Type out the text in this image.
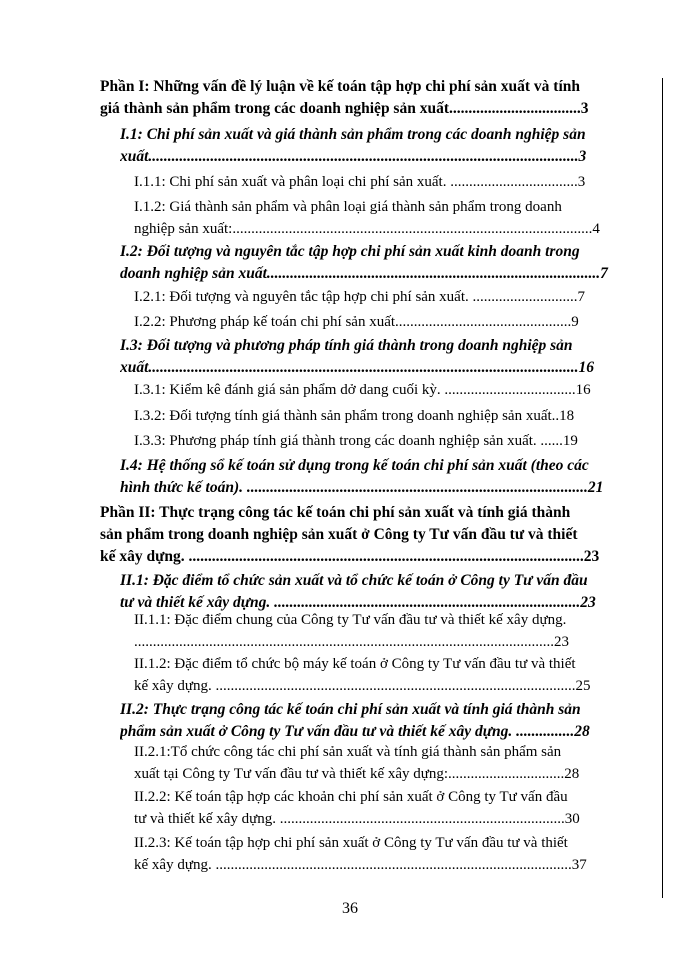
Phần I: Những vấn đề lý luận về kế toán tập hợp chi phí sản xuất và tính
giá thành sản phẩm trong các doanh nghiệp sản xuất..................................3
I.1: Chi phí sản xuất và giá thành sản phẩm trong các doanh nghiệp sản
xuất...............................................................................................................3
I.1.1: Chi phí sản xuất và phân loại chi phí sản xuất. ..................................3
I.1.2: Giá thành sản phẩm và phân loại giá thành sản phẩm trong doanh
nghiệp sản xuất:................................................................................................4
I.2: Đối tượng và nguyên tắc tập hợp chi phí sản xuất kinh doanh trong
doanh nghiệp sản xuất......................................................................................7
I.2.1: Đối tượng và nguyên tắc tập hợp chi phí sản xuất. ............................7
I.2.2: Phương pháp kế toán chi phí sản xuất...............................................9
I.3: Đối tượng và phương pháp tính giá thành trong doanh nghiệp sản
xuất...............................................................................................................16
I.3.1: Kiểm kê đánh giá sản phẩm dở dang cuối kỳ. ...................................16
I.3.2: Đối tượng tính giá thành sản phẩm trong doanh nghiệp sản xuất..18
I.3.3: Phương pháp tính giá thành trong các doanh nghiệp sản xuất. ......19
I.4: Hệ thống sổ kế toán sử dụng trong kế toán chi phí sản xuất (theo các
hình thức kế toán). ........................................................................................21
Phần II: Thực trạng công tác kế toán chi phí sản xuất và tính giá thành
sản phẩm trong doanh nghiệp sản xuất ở Công ty Tư vấn đầu tư và thiết
kế xây dựng. ......................................................................................................23
II.1: Đặc điểm tổ chức sản xuất và tổ chức kế toán ở Công ty Tư vấn đầu
tư và thiết kế xây dựng. ...............................................................................23
II.1.1: Đặc điểm chung của Công ty Tư vấn đầu tư và thiết kế xây dựng.
................................................................................................................23
II.1.2: Đặc điểm tổ chức bộ máy kế toán ở Công ty Tư vấn đầu tư và thiết
kế xây dựng. ................................................................................................25
II.2: Thực trạng công tác kế toán chi phí sản xuất và tính giá thành sản
phẩm sản xuất ở Công ty Tư vấn đầu tư và thiết kế xây dựng. ...............28
II.2.1:Tổ chức công tác chi phí sản xuất và tính giá thành sản phẩm sản
xuất tại Công ty Tư vấn đầu tư và thiết kế xây dựng:...............................28
II.2.2: Kế toán tập hợp các khoản chi phí sản xuất ở Công ty Tư vấn đầu
tư và thiết kế xây dựng. ............................................................................30
II.2.3: Kế toán tập hợp chi phí sản xuất ở Công ty Tư vấn đầu tư và thiết
kế xây dựng. ...............................................................................................37
36
